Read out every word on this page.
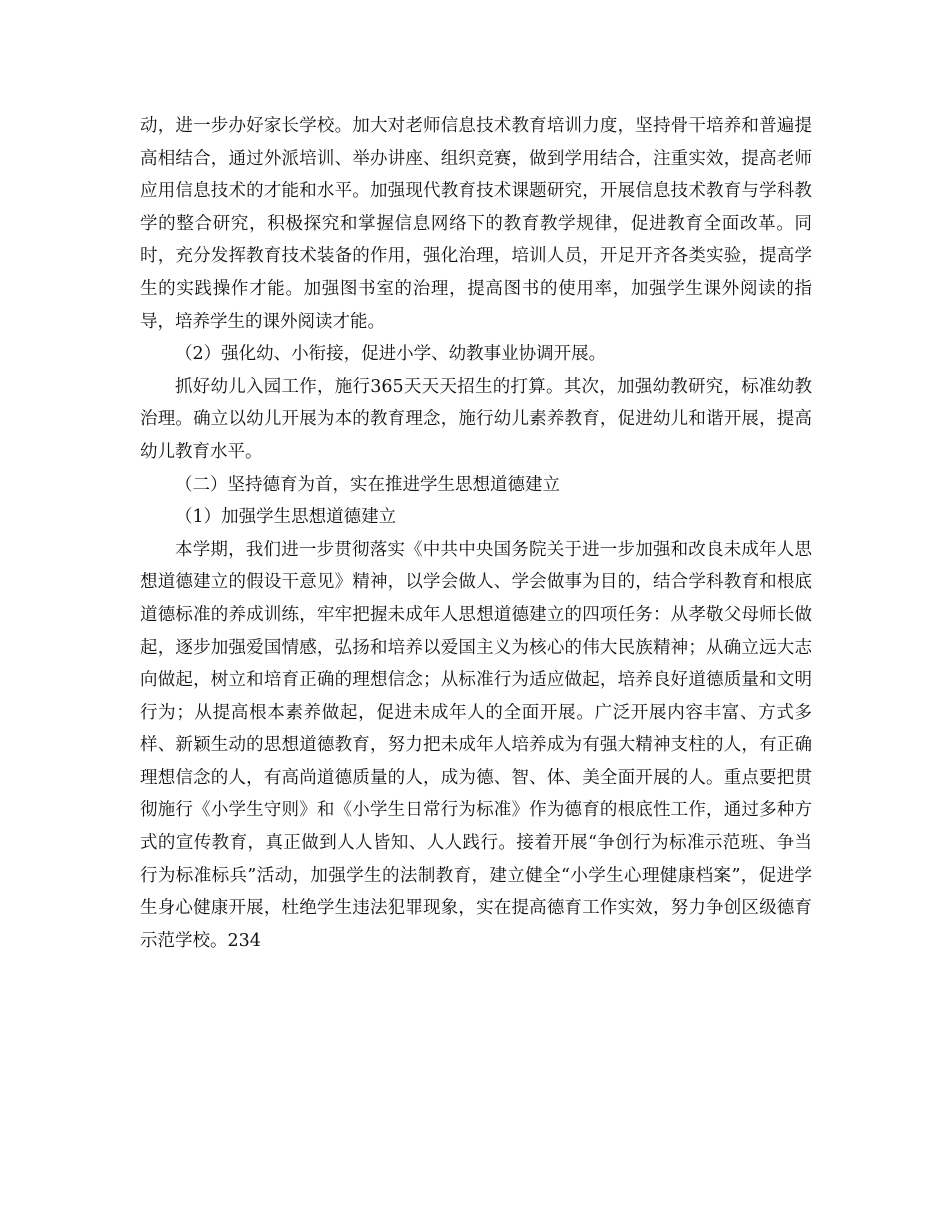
动，进一步办好家长学校。加大对老师信息技术教育培训力度，坚持骨干培养和普遍提高相结合，通过外派培训、举办讲座、组织竞赛，做到学用结合，注重实效，提高老师应用信息技术的才能和水平。加强现代教育技术课题研究，开展信息技术教育与学科教学的整合研究，积极探究和掌握信息网络下的教育教学规律，促进教育全面改革。同时，充分发挥教育技术装备的作用，强化治理，培训人员，开足开齐各类实验，提高学生的实践操作才能。加强图书室的治理，提高图书的使用率，加强学生课外阅读的指导，培养学生的课外阅读才能。

（2）强化幼、小衔接，促进小学、幼教事业协调开展。

抓好幼儿入园工作，施行365天天天招生的打算。其次，加强幼教研究，标准幼教治理。确立以幼儿开展为本的教育理念，施行幼儿素养教育，促进幼儿和谐开展，提高幼儿教育水平。

（二）坚持德育为首，实在推进学生思想道德建立

（1）加强学生思想道德建立

本学期，我们进一步贯彻落实《中共中央国务院关于进一步加强和改良未成年人思想道德建立的假设干意见》精神，以学会做人、学会做事为目的，结合学科教育和根底道德标准的养成训练，牢牢把握未成年人思想道德建立的四项任务：从孝敬父母师长做起，逐步加强爱国情感，弘扬和培养以爱国主义为核心的伟大民族精神；从确立远大志向做起，树立和培育正确的理想信念；从标准行为适应做起，培养良好道德质量和文明行为；从提高根本素养做起，促进未成年人的全面开展。广泛开展内容丰富、方式多样、新颖生动的思想道德教育，努力把未成年人培养成为有强大精神支柱的人，有正确理想信念的人，有高尚道德质量的人，成为德、智、体、美全面开展的人。重点要把贯彻施行《小学生守则》和《小学生日常行为标准》作为德育的根底性工作，通过多种方式的宣传教育，真正做到人人皆知、人人践行。接着开展“争创行为标准示范班、争当行为标准标兵”活动，加强学生的法制教育，建立健全“小学生心理健康档案”，促进学生身心健康开展，杜绝学生违法犯罪现象，实在提高德育工作实效，努力争创区级德育示范学校。234
